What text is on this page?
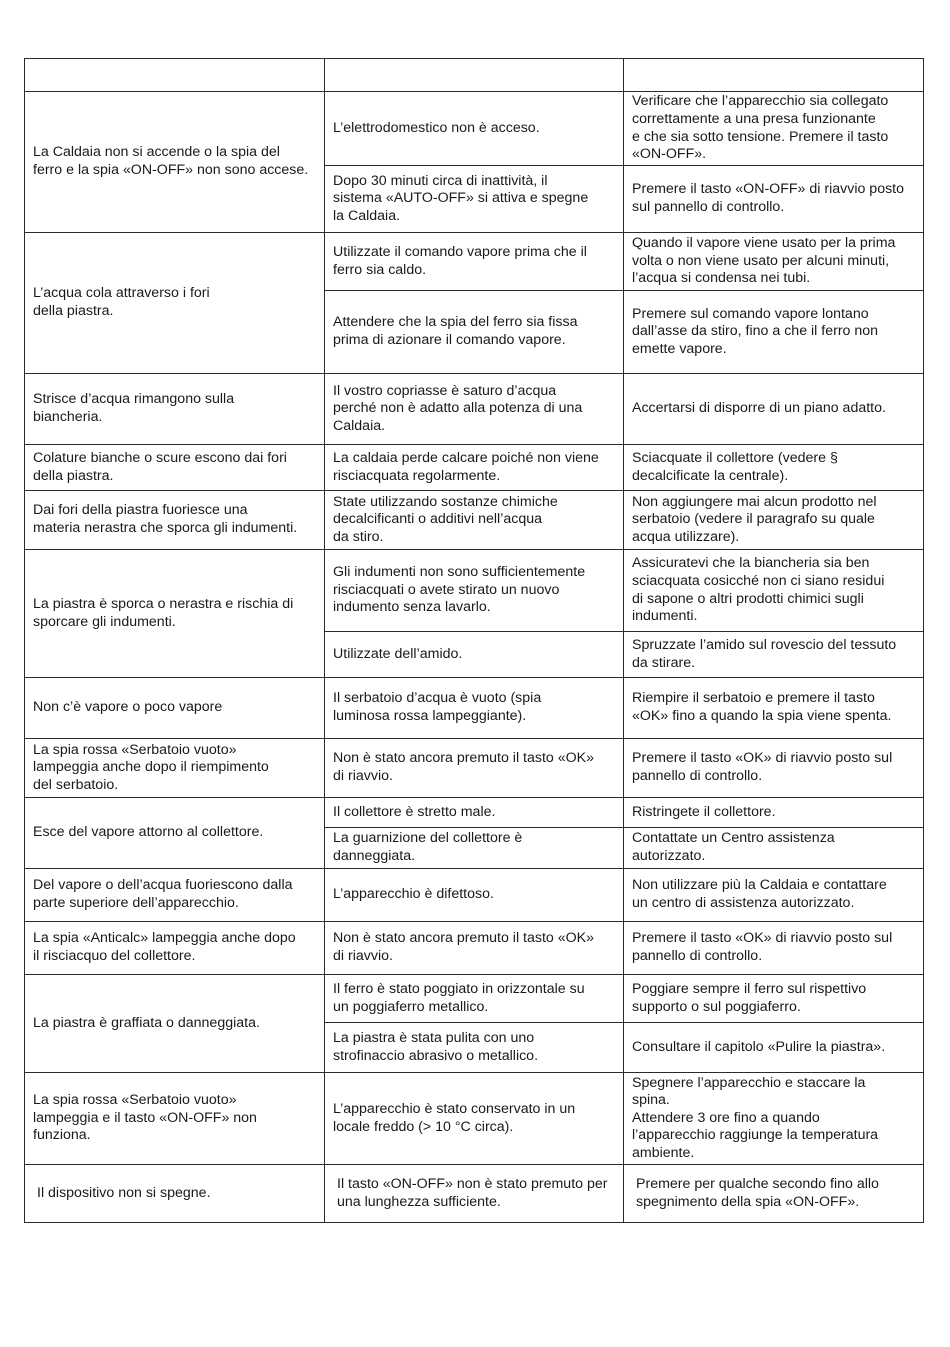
La Caldaia non si accende o la spia del
ferro e la spia «ON-OFF» non sono accese.	L’elettrodomestico non è acceso.	Verificare che l’apparecchio sia collegato
correttamente a una presa funzionante
e che sia sotto tensione. Premere il tasto
«ON-OFF».

	Dopo 30 minuti circa di inattività, il
sistema «AUTO-OFF» si attiva e spegne
la Caldaia.	Premere il tasto «ON-OFF» di riavvio posto
sul pannello di controllo.

L’acqua cola attraverso i fori
della piastra.	Utilizzate il comando vapore prima che il
ferro sia caldo.	Quando il vapore viene usato per la prima
volta o non viene usato per alcuni minuti,
l’acqua si condensa nei tubi.

	Attendere che la spia del ferro sia fissa
prima di azionare il comando vapore.	Premere sul comando vapore lontano
dall’asse da stiro, fino a che il ferro non
emette vapore.

Strisce d’acqua rimangono sulla
biancheria.	Il vostro copriasse è saturo d’acqua
perché non è adatto alla potenza di una
Caldaia.	Accertarsi di disporre di un piano adatto.

Colature bianche o scure escono dai fori
della piastra.	La caldaia perde calcare poiché non viene
risciacquata regolarmente.	Sciacquate il collettore (vedere §
decalcificate la centrale).

Dai fori della piastra fuoriesce una
materia nerastra che sporca gli indumenti.	State utilizzando sostanze chimiche
decalcificanti o additivi nell’acqua
da stiro.	Non aggiungere mai alcun prodotto nel
serbatoio (vedere il paragrafo su quale
acqua utilizzare).

La piastra è sporca o nerastra e rischia di
sporcare gli indumenti.	Gli indumenti non sono sufficientemente
risciacquati o avete stirato un nuovo
indumento senza lavarlo.	Assicuratevi che la biancheria sia ben
sciacquata cosicché non ci siano residui
di sapone o altri prodotti chimici sugli
indumenti.

	Utilizzate dell’amido.	Spruzzate l’amido sul rovescio del tessuto
da stirare.

Non c’è vapore o poco vapore	Il serbatoio d’acqua è vuoto (spia
luminosa rossa lampeggiante).	Riempire il serbatoio e premere il tasto
«OK» fino a quando la spia viene spenta.

La spia rossa «Serbatoio vuoto»
lampeggia anche dopo il riempimento
del serbatoio.	Non è stato ancora premuto il tasto «OK»
di riavvio.	Premere il tasto «OK» di riavvio posto sul
pannello di controllo.

Esce del vapore attorno al collettore.	Il collettore è stretto male.	Ristringete il collettore.

	La guarnizione del collettore è
danneggiata.	Contattate un Centro assistenza
autorizzato.

Del vapore o dell’acqua fuoriescono dalla
parte superiore dell’apparecchio.	L’apparecchio è difettoso.	Non utilizzare più la Caldaia e contattare
un centro di assistenza autorizzato.

La spia «Anticalc» lampeggia anche dopo
il risciacquo del collettore.	Non è stato ancora premuto il tasto «OK»
di riavvio.	Premere il tasto «OK» di riavvio posto sul
pannello di controllo.

La piastra è graffiata o danneggiata.	Il ferro è stato poggiato in orizzontale su
un poggiaferro metallico.	Poggiare sempre il ferro sul rispettivo
supporto o sul poggiaferro.

	La piastra è stata pulita con uno
strofinaccio abrasivo o metallico.	Consultare il capitolo «Pulire la piastra».

La spia rossa «Serbatoio vuoto»
lampeggia e il tasto «ON-OFF» non
funziona.	L’apparecchio è stato conservato in un
locale freddo (> 10 °C circa).	Spegnere l’apparecchio e staccare la
spina.
Attendere 3 ore fino a quando
l’apparecchio raggiunge la temperatura
ambiente.

Il dispositivo non si spegne.	Il tasto «ON-OFF» non è stato premuto per
una lunghezza sufficiente.	Premere per qualche secondo fino allo
spegnimento della spia «ON-OFF».
